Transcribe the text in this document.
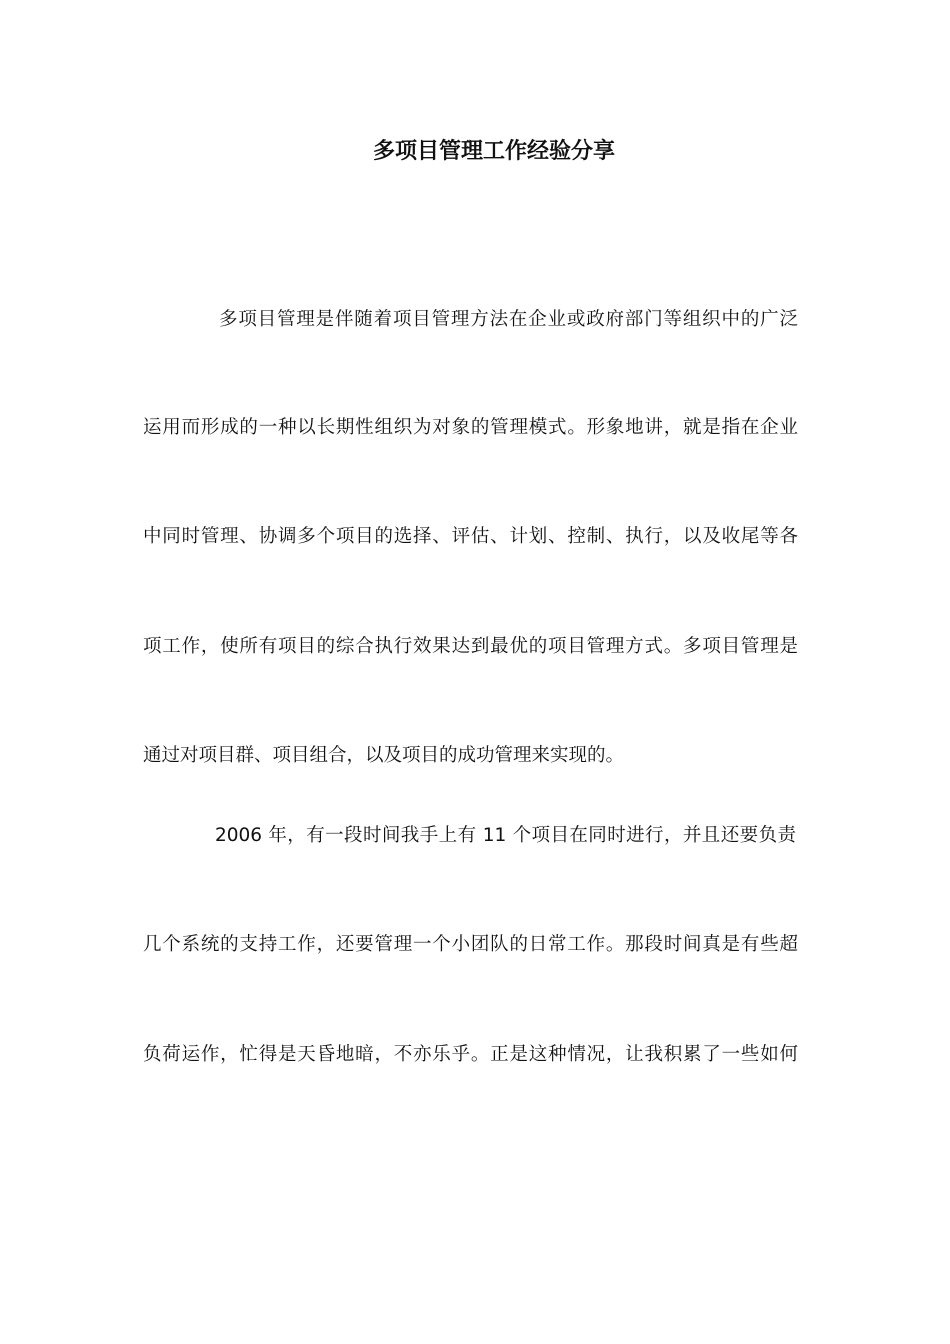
多项目管理工作经验分享
多项目管理是伴随着项目管理方法在企业或政府部门等组织中的广泛
运用而形成的一种以长期性组织为对象的管理模式。形象地讲，就是指在企业
中同时管理、协调多个项目的选择、评估、计划、控制、执行，以及收尾等各
项工作，使所有项目的综合执行效果达到最优的项目管理方式。多项目管理是
通过对项目群、项目组合，以及项目的成功管理来实现的。
2006 年，有一段时间我手上有 11 个项目在同时进行，并且还要负责
几个系统的支持工作，还要管理一个小团队的日常工作。那段时间真是有些超
负荷运作，忙得是天昏地暗，不亦乐乎。正是这种情况，让我积累了一些如何
